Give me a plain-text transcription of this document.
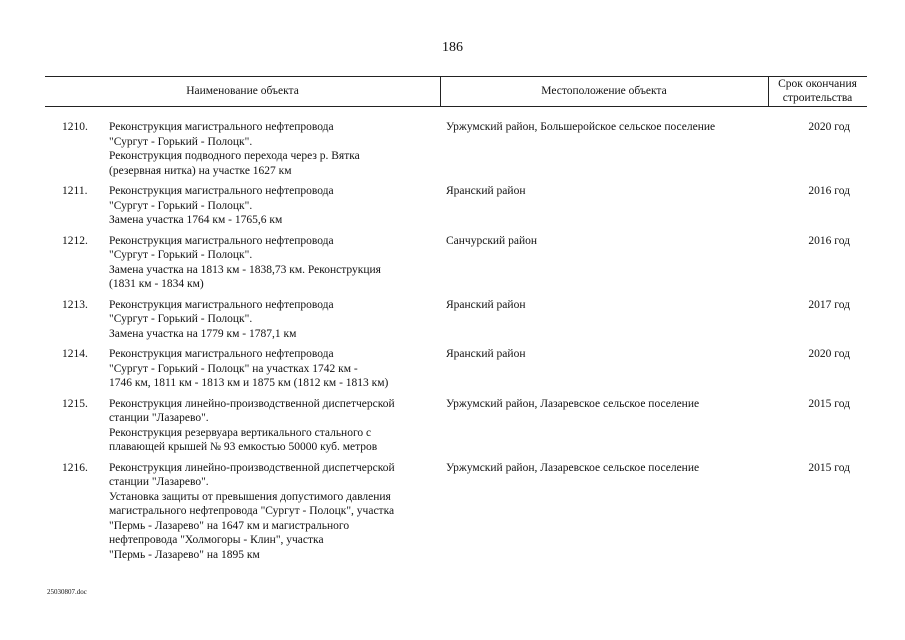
186
Наименование объекта	Местоположение объекта
Срок окончания
строительства
1210. Реконструкция магистрального нефтепровода
"Сургут - Горький - Полоцк".
Реконструкция подводного перехода через р. Вятка
(резервная нитка) на участке 1627 км
Уржумский район, Большеройское сельское поселение	2020 год
1211. Реконструкция магистрального нефтепровода
"Сургут - Горький - Полоцк".
Замена участка 1764 км - 1765,6 км
Яранский район	2016 год
1212. Реконструкция магистрального нефтепровода
"Сургут - Горький - Полоцк".
Замена участка на 1813 км - 1838,73 км. Реконструкция
(1831 км - 1834 км)
Санчурский район	2016 год
1213. Реконструкция магистрального нефтепровода
"Сургут - Горький - Полоцк".
Замена участка на 1779 км - 1787,1 км
Яранский район	2017 год
1214. Реконструкция магистрального нефтепровода
"Сургут - Горький - Полоцк" на участках 1742 км -
1746 км, 1811 км - 1813 км и 1875 км (1812 км - 1813 км)
Яранский район	2020 год
1215. Реконструкция линейно-производственной диспетчерской
станции "Лазарево".
Реконструкция резервуара вертикального стального с
плавающей крышей № 93 емкостью 50000 куб. метров
Уржумский район, Лазаревское сельское поселение	2015 год
1216. Реконструкция линейно-производственной диспетчерской
станции "Лазарево".
Установка защиты от превышения допустимого давления
магистрального нефтепровода "Сургут - Полоцк", участка
"Пермь - Лазарево" на 1647 км и магистрального
нефтепровода "Холмогоры - Клин", участка
"Пермь - Лазарево" на 1895 км
Уржумский район, Лазаревское сельское поселение	2015 год
25030807.doc
